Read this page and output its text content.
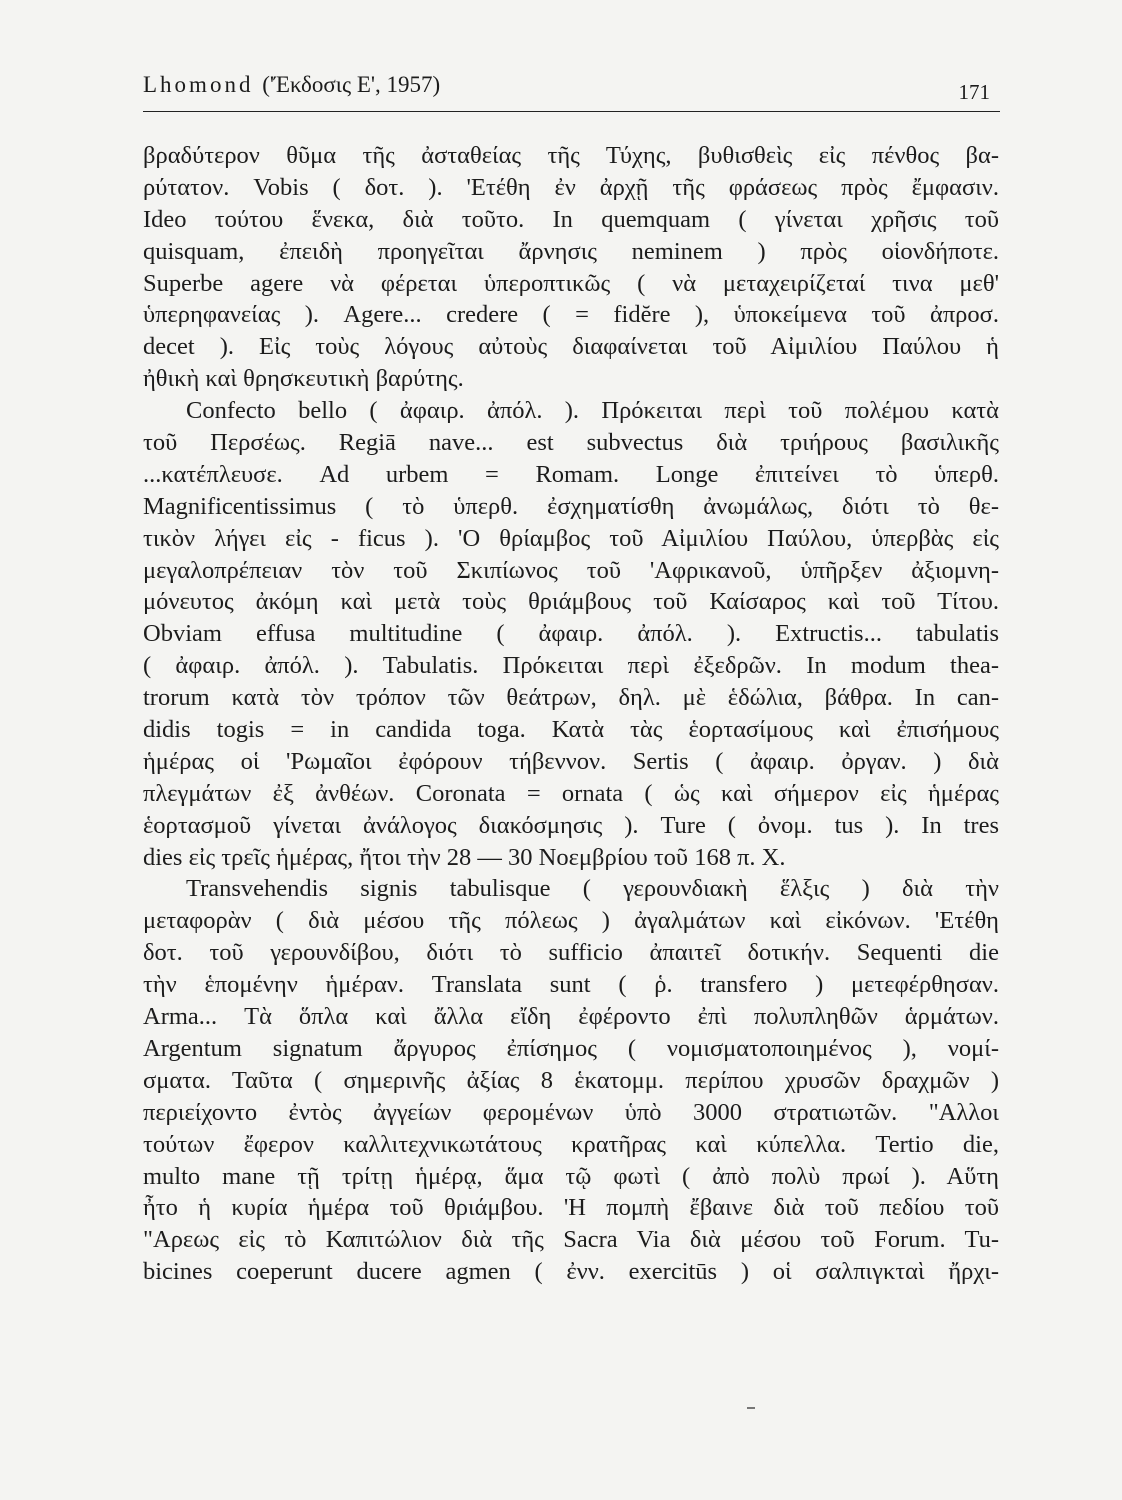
Lhomond ('Έκδοσις Ε', 1957)	171
βραδύτερον θῦμα τῆς ἀσταθείας τῆς Τύχης, βυθισθεὶς εἰς πένθος βα-
ρύτατον. Vobis ( δοτ. ). 'Ετέθη ἐν ἀρχῇ τῆς φράσεως πρὸς ἔμφασιν.
Ideo τούτου ἕνεκα, διὰ τοῦτο. In quemquam ( γίνεται χρῆσις τοῦ
quisquam, ἐπειδὴ προηγεῖται ἄρνησις neminem ) πρὸς οἱονδήποτε.
Superbe agere νὰ φέρεται ὑπεροπτικῶς ( νὰ μεταχειρίζεταί τινα μεθ'
ὑπερηφανείας ). Agere... credere ( = fidĕre ), ὑποκείμενα τοῦ ἀπροσ.
decet ). Εἰς τοὺς λόγους αὐτοὺς διαφαίνεται τοῦ Αἰμιλίου Παύλου ἡ
ἠθικὴ καὶ θρησκευτικὴ βαρύτης.
Confecto bello ( ἀφαιρ. ἀπόλ. ). Πρόκειται περὶ τοῦ πολέμου κατὰ
τοῦ Περσέως. Regiā nave... est subvectus διὰ τριήρους βασιλικῆς
...κατέπλευσε. Ad urbem = Romam. Longe ἐπιτείνει τὸ ὑπερθ.
Magnificentissimus ( τὸ ὑπερθ. ἐσχηματίσθη ἀνωμάλως, διότι τὸ θε-
τικὸν λήγει εἰς - ficus ). 'Ο θρίαμβος τοῦ Αἰμιλίου Παύλου, ὑπερβὰς εἰς
μεγαλοπρέπειαν τὸν τοῦ Σκιπίωνος τοῦ 'Αφρικανοῦ, ὑπῆρξεν ἀξιομνη-
μόνευτος ἀκόμη καὶ μετὰ τοὺς θριάμβους τοῦ Καίσαρος καὶ τοῦ Τίτου.
Obviam effusa multitudine ( ἀφαιρ. ἀπόλ. ). Extructis... tabulatis
( ἀφαιρ. ἀπόλ. ). Tabulatis. Πρόκειται περὶ ἐξεδρῶν. In modum thea-
trorum κατὰ τὸν τρόπον τῶν θεάτρων, δηλ. μὲ ἑδώλια, βάθρα. In can-
didis togis = in candida toga. Κατὰ τὰς ἑορτασίμους καὶ ἐπισήμους
ἡμέρας οἱ 'Ρωμαῖοι ἐφόρουν τήβεννον. Sertis ( ἀφαιρ. ὀργαν. ) διὰ
πλεγμάτων ἐξ ἀνθέων. Coronata = ornata ( ὡς καὶ σήμερον εἰς ἡμέρας
ἑορτασμοῦ γίνεται ἀνάλογος διακόσμησις ). Ture ( ὀνομ. tus ). In tres
dies εἰς τρεῖς ἡμέρας, ἤτοι τὴν 28 — 30 Νοεμβρίου τοῦ 168 π. Χ.
Transvehendis signis tabulisque ( γερουνδιακὴ ἕλξις ) διὰ τὴν
μεταφορὰν ( διὰ μέσου τῆς πόλεως ) ἀγαλμάτων καὶ εἰκόνων. 'Ετέθη
δοτ. τοῦ γερουνδίβου, διότι τὸ sufficio ἀπαιτεῖ δοτικήν. Sequenti die
τὴν ἑπομένην ἡμέραν. Translata sunt ( ῥ. transfero ) μετεφέρθησαν.
Arma... Τὰ ὅπλα καὶ ἄλλα εἴδη ἐφέροντο ἐπὶ πολυπληθῶν ἁρμάτων.
Argentum signatum ἄργυρος ἐπίσημος ( νομισματοποιημένος ), νομί-
σματα. Ταῦτα ( σημερινῆς ἀξίας 8 ἑκατομμ. περίπου χρυσῶν δραχμῶν )
περιείχοντο ἐντὸς ἀγγείων φερομένων ὑπὸ 3000 στρατιωτῶν. "Αλλοι
τούτων ἔφερον καλλιτεχνικωτάτους κρατῆρας καὶ κύπελλα. Tertio die,
multo mane τῇ τρίτῃ ἡμέρᾳ, ἅμα τῷ φωτὶ ( ἀπὸ πολὺ πρωί ). Αὕτη
ἦτο ἡ κυρία ἡμέρα τοῦ θριάμβου. 'Η πομπὴ ἔβαινε διὰ τοῦ πεδίου τοῦ
"Αρεως εἰς τὸ Καπιτώλιον διὰ τῆς Sacra Via διὰ μέσου τοῦ Forum. Tu-
bicines coeperunt ducere agmen ( ἐνν. exercitūs ) οἱ σαλπιγκταὶ ἤρχι-
